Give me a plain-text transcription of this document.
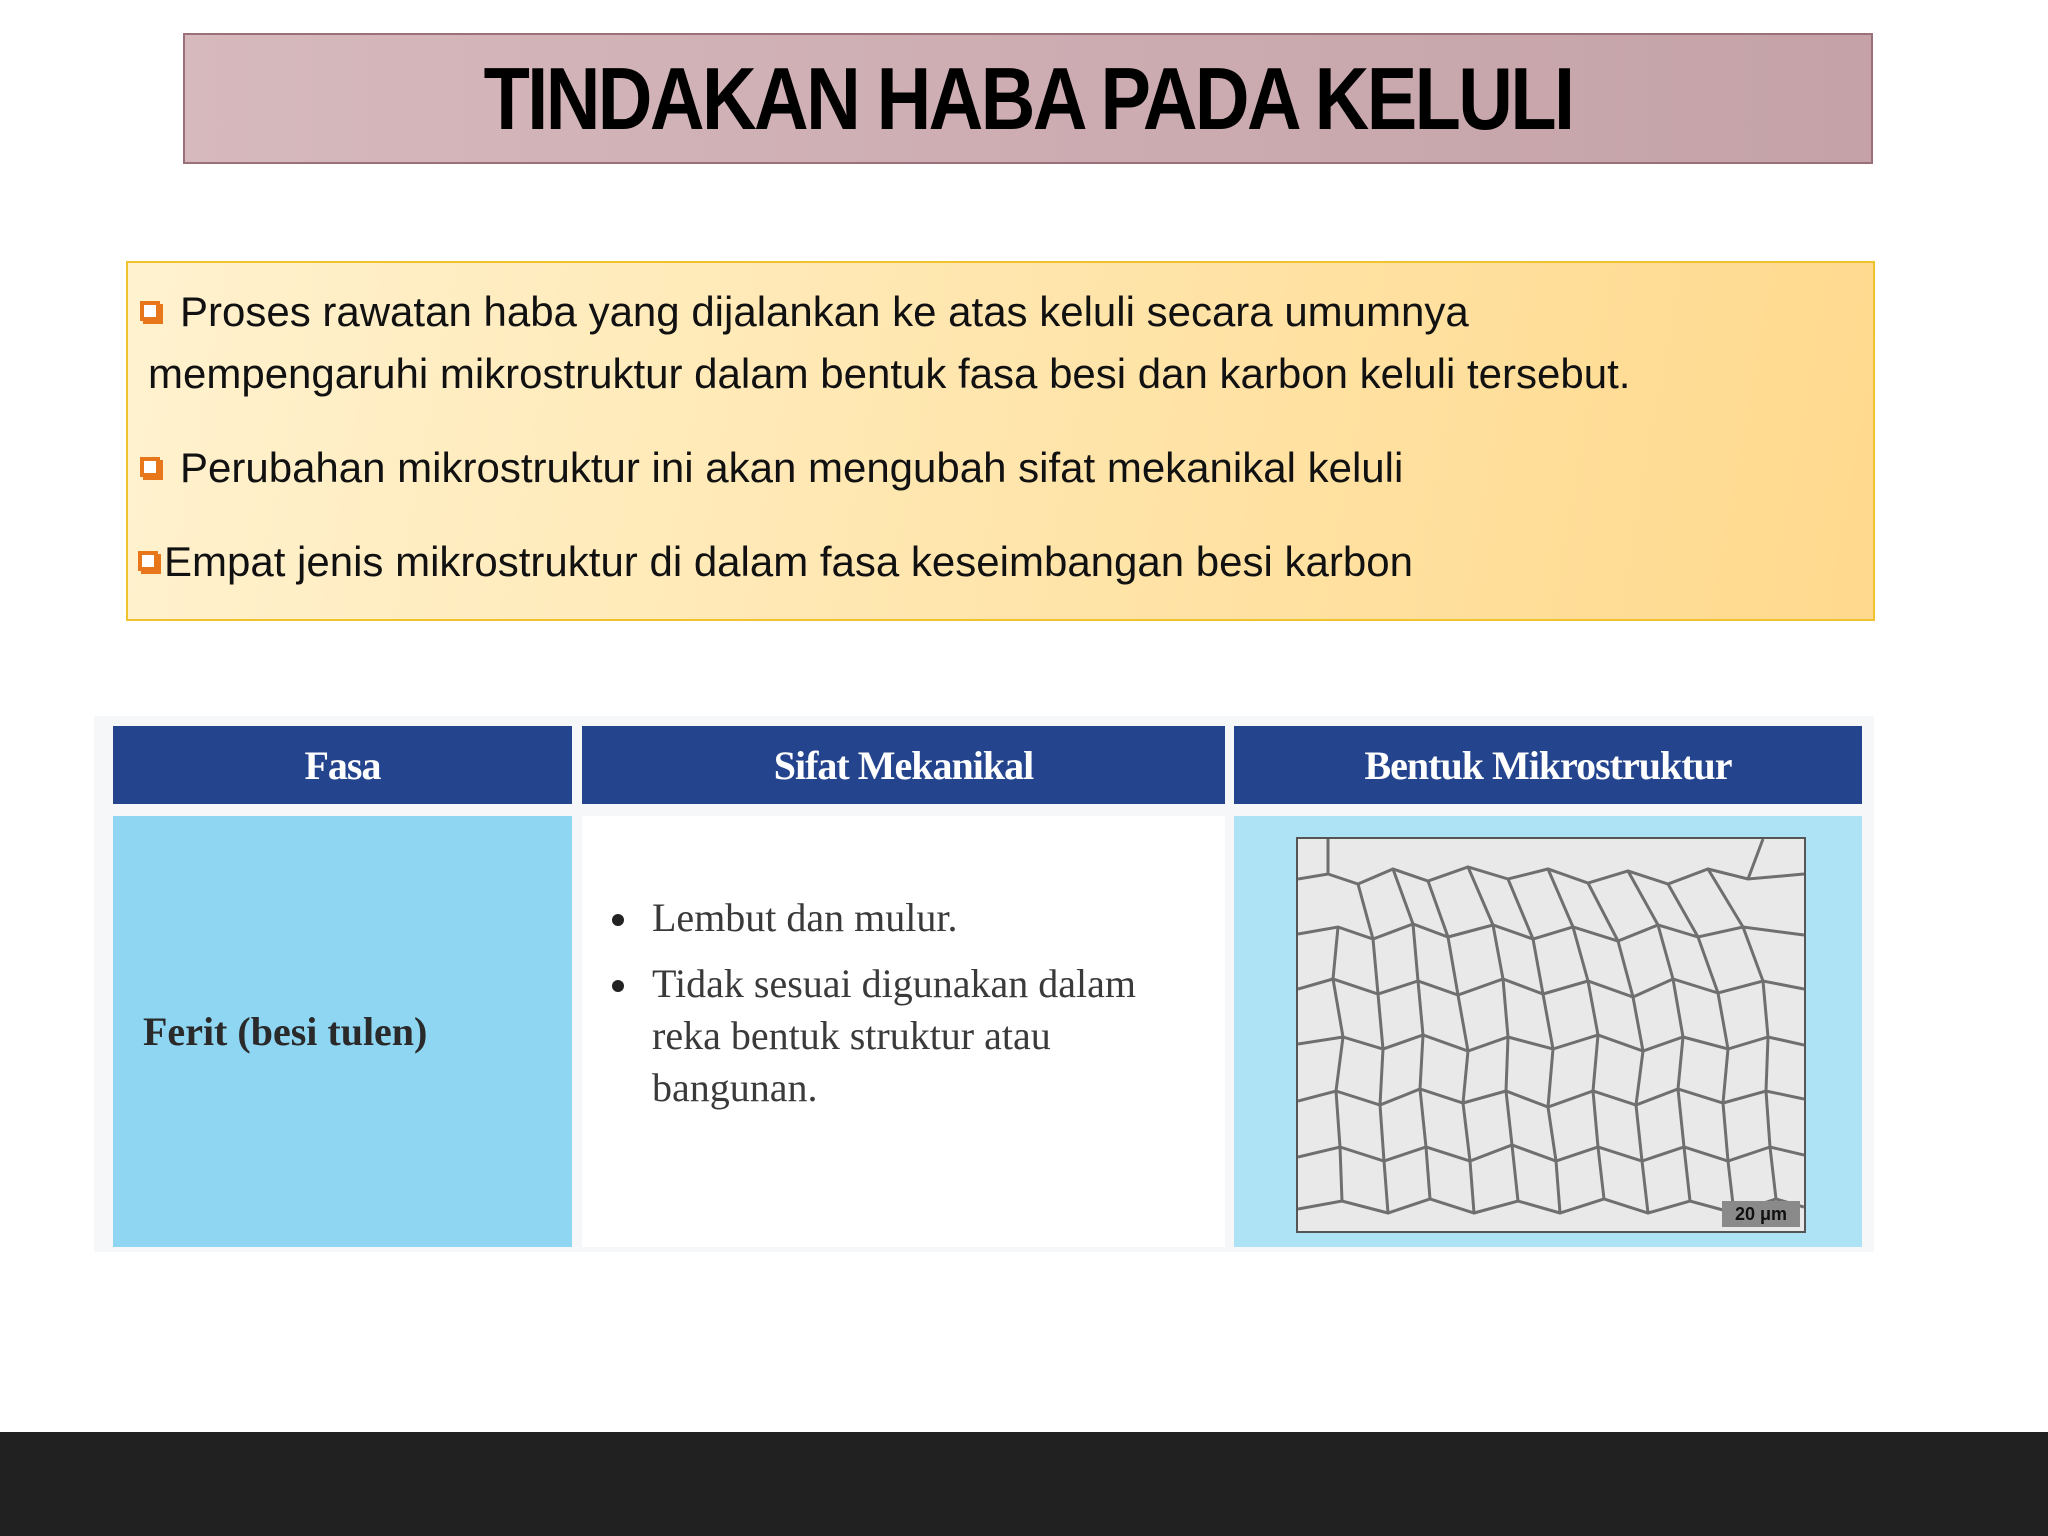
TINDAKAN HABA PADA KELULI
Proses rawatan haba yang dijalankan ke atas keluli secara umumnya
mempengaruhi mikrostruktur dalam bentuk fasa besi dan karbon keluli tersebut.
Perubahan mikrostruktur ini akan mengubah sifat mekanikal keluli
Empat jenis mikrostruktur di dalam fasa keseimbangan besi karbon
Fasa	Sifat Mekanikal	Bentuk Mikrostruktur
Ferit (besi tulen)
Lembut dan mulur.
Tidak sesuai digunakan dalam reka bentuk struktur atau bangunan.
20 μm
